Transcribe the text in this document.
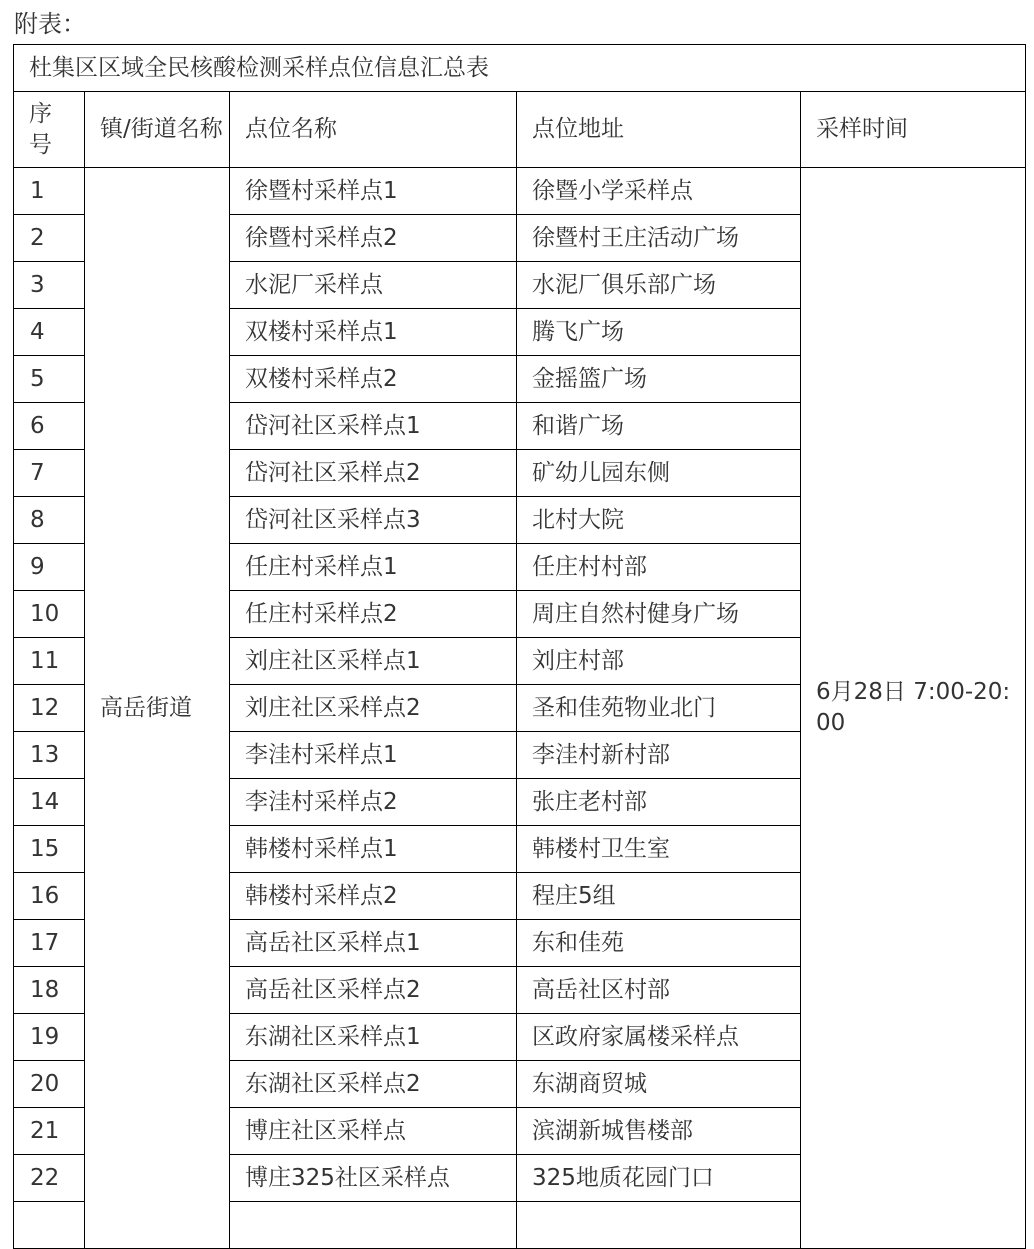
附表：
杜集区区域全民核酸检测采样点位信息汇总表				
序号	镇/街道名称	点位名称	点位地址	采样时间
1	高岳街道	徐暨村采样点1	徐暨小学采样点	6月28日 7:00-20:00
2		徐暨村采样点2	徐暨村王庄活动广场	
3		水泥厂采样点	水泥厂俱乐部广场	
4		双楼村采样点1	腾飞广场	
5		双楼村采样点2	金摇篮广场	
6		岱河社区采样点1	和谐广场	
7		岱河社区采样点2	矿幼儿园东侧	
8		岱河社区采样点3	北村大院	
9		任庄村采样点1	任庄村村部	
10		任庄村采样点2	周庄自然村健身广场	
11		刘庄社区采样点1	刘庄村部	
12		刘庄社区采样点2	圣和佳苑物业北门	
13		李洼村采样点1	李洼村新村部	
14		李洼村采样点2	张庄老村部	
15		韩楼村采样点1	韩楼村卫生室	
16		韩楼村采样点2	程庄5组	
17		高岳社区采样点1	东和佳苑	
18		高岳社区采样点2	高岳社区村部	
19		东湖社区采样点1	区政府家属楼采样点	
20		东湖社区采样点2	东湖商贸城	
21		博庄社区采样点	滨湖新城售楼部	
22		博庄325社区采样点	325地质花园门口	
